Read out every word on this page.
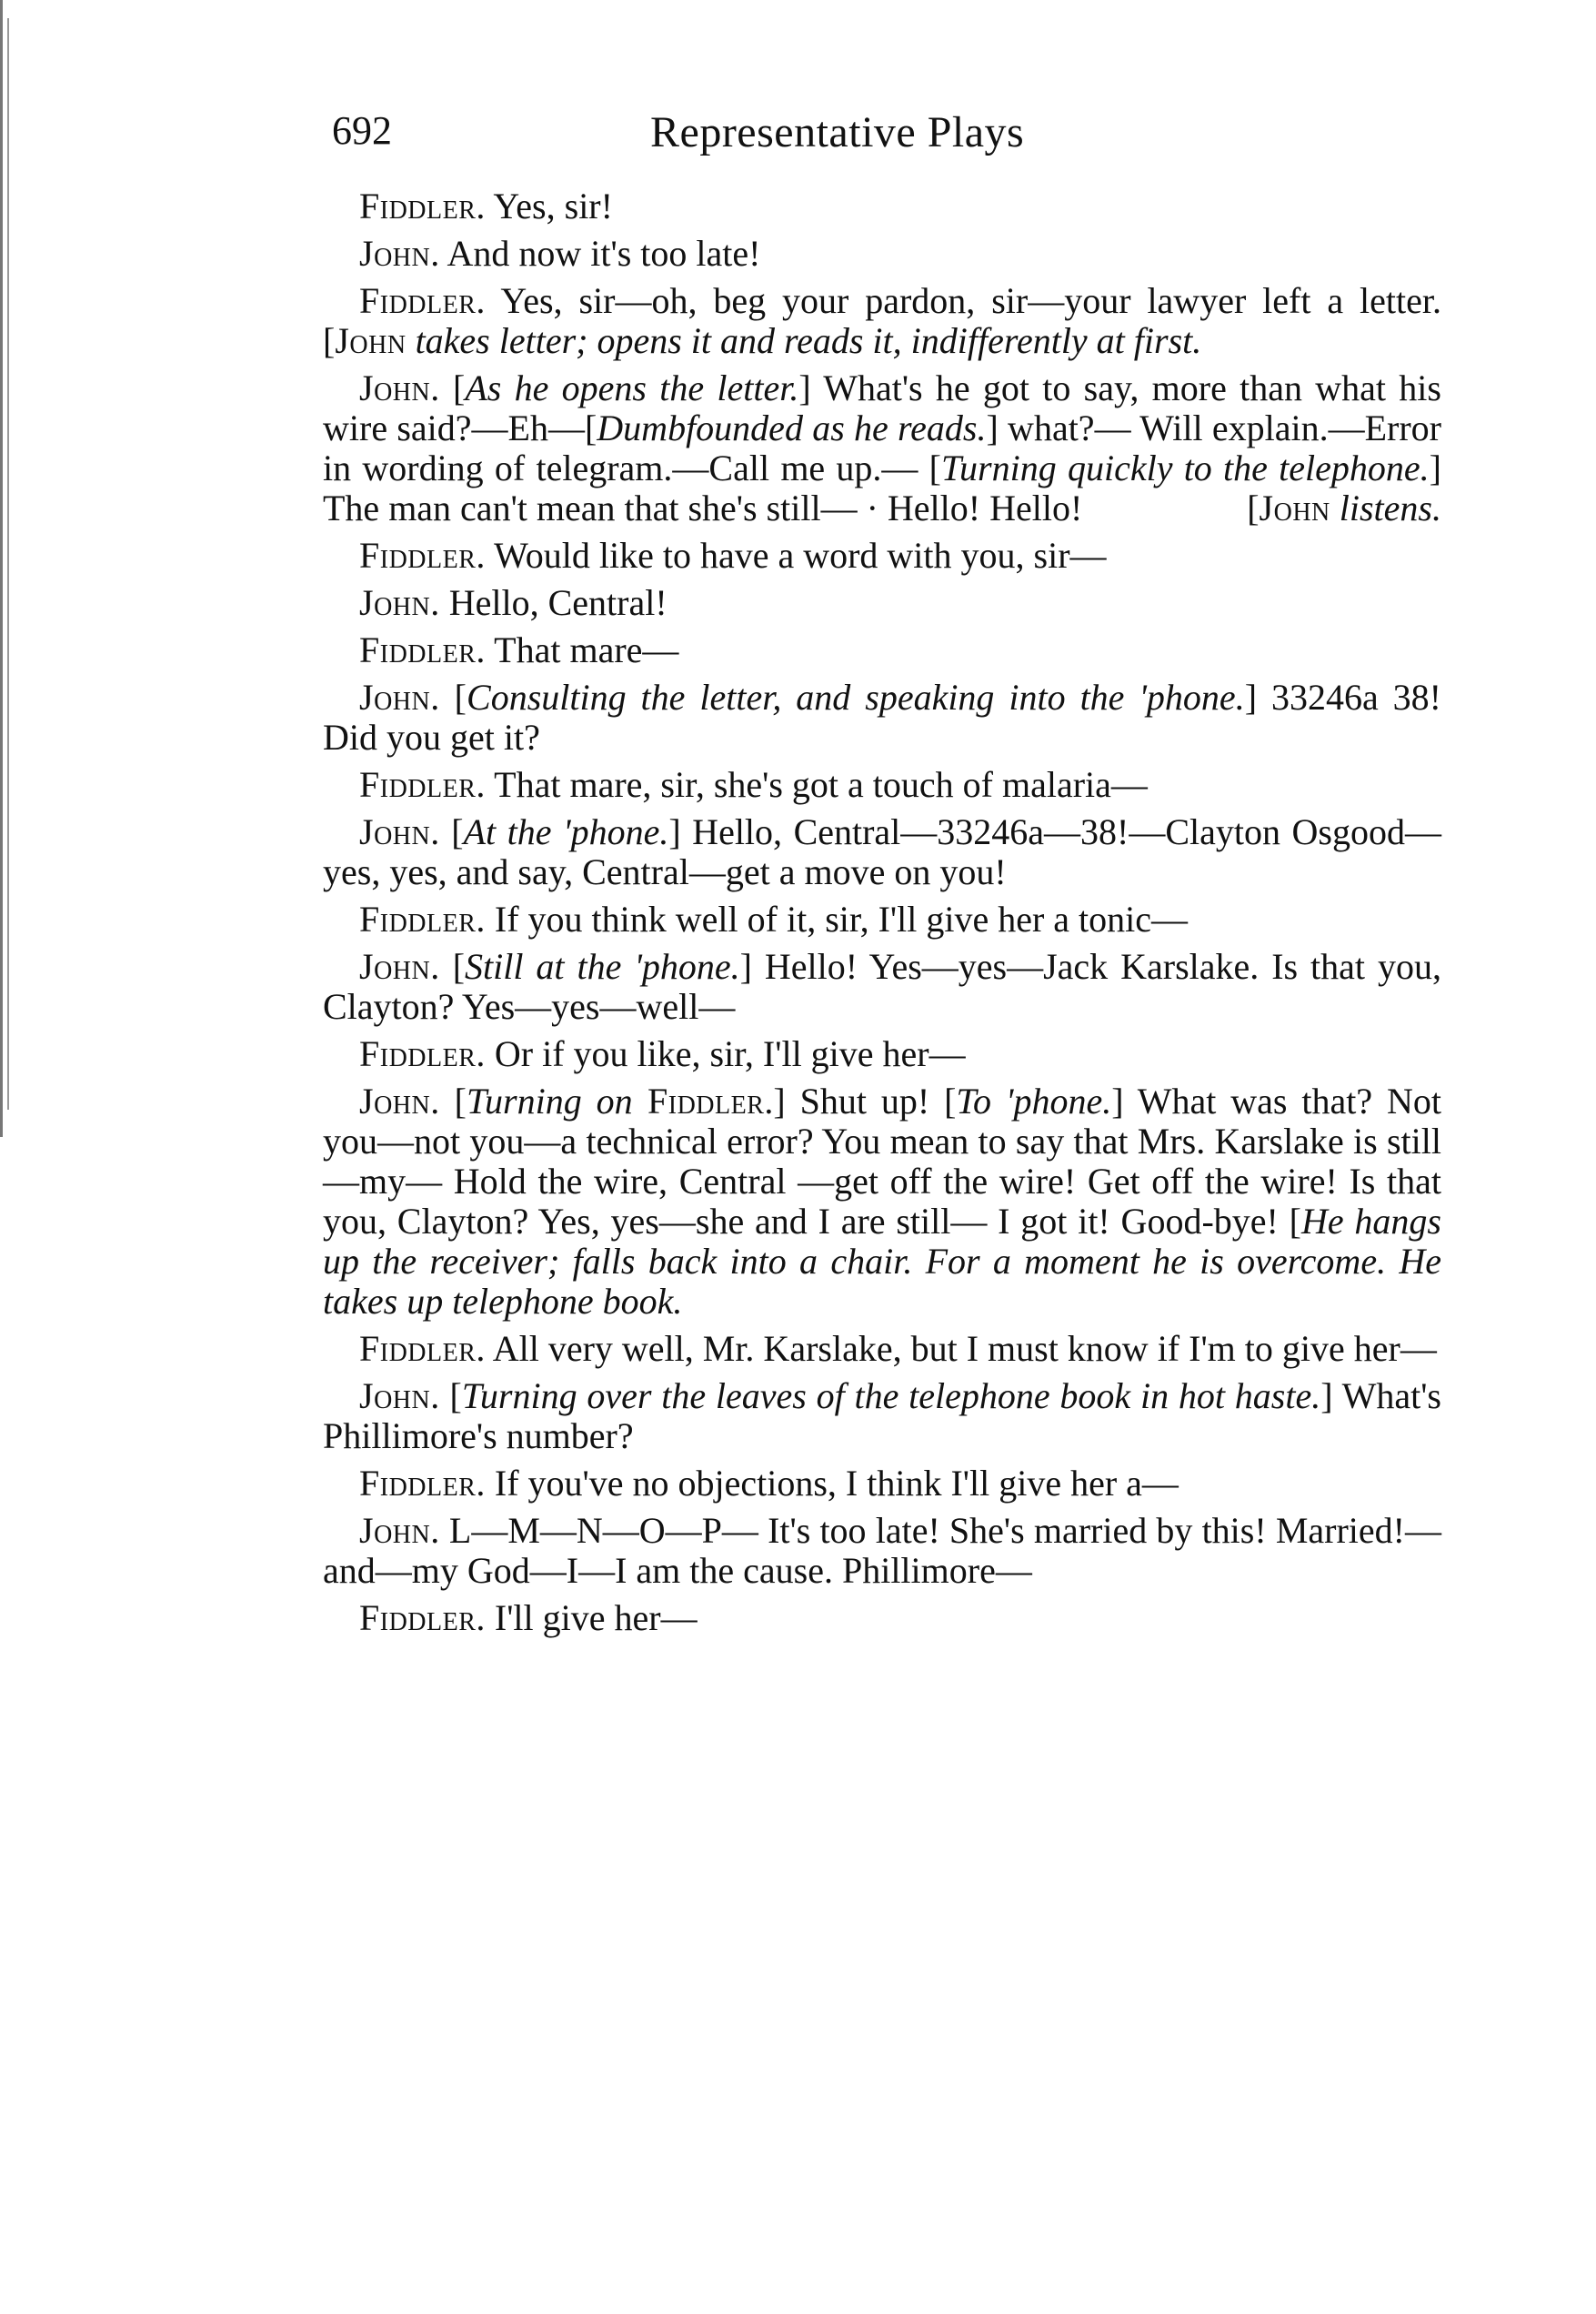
692	Representative Plays

Fiddler. Yes, sir!

John. And now it's too late!

Fiddler. Yes, sir—oh, beg your pardon, sir—your lawyer left a letter. [John takes letter; opens it and reads it, indifferently at first.

John. [As he opens the letter.] What's he got to say, more than what his wire said?—Eh—[Dumbfounded as he reads.] what?— Will explain.—Error in wording of telegram.—Call me up.— [Turning quickly to the telephone.] The man can't mean that she's still— · Hello! Hello!	[John listens.

Fiddler. Would like to have a word with you, sir—

John. Hello, Central!

Fiddler. That mare—

John. [Consulting the letter, and speaking into the 'phone.] 33246a 38! Did you get it?

Fiddler. That mare, sir, she's got a touch of malaria—

John. [At the 'phone.] Hello, Central—33246a—38!—Clayton Osgood—yes, yes, and say, Central—get a move on you!

Fiddler. If you think well of it, sir, I'll give her a tonic—

John. [Still at the 'phone.] Hello! Yes—yes—Jack Karslake. Is that you, Clayton? Yes—yes—well—

Fiddler. Or if you like, sir, I'll give her—

John. [Turning on Fiddler.] Shut up! [To 'phone.] What was that? Not you—not you—a technical error? You mean to say that Mrs. Karslake is still—my— Hold the wire, Central —get off the wire! Get off the wire! Is that you, Clayton? Yes, yes—she and I are still— I got it! Good-bye! [He hangs up the receiver; falls back into a chair. For a moment he is overcome. He takes up telephone book.

Fiddler. All very well, Mr. Karslake, but I must know if I'm to give her—

John. [Turning over the leaves of the telephone book in hot haste.] What's Phillimore's number?

Fiddler. If you've no objections, I think I'll give her a—

John. L—M—N—O—P— It's too late! She's married by this! Married!—and—my God—I—I am the cause. Phillimore—

Fiddler. I'll give her—
